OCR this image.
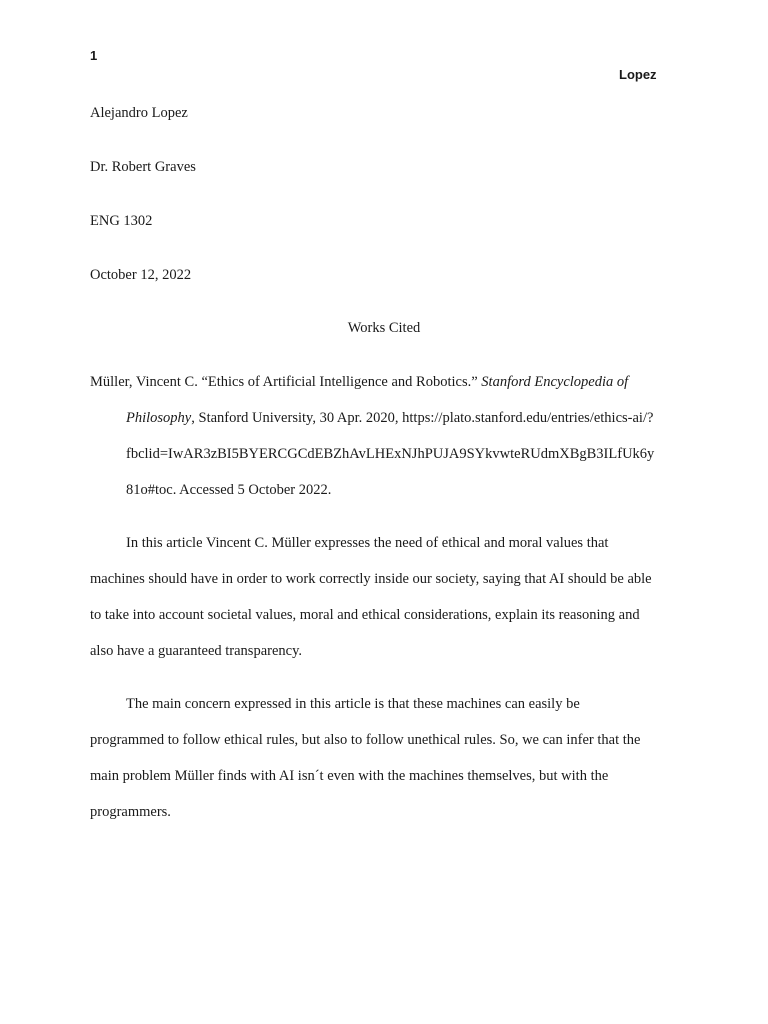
1
Lopez
Alejandro Lopez
Dr. Robert Graves
ENG 1302
October 12, 2022
Works Cited
Müller, Vincent C. “Ethics of Artificial Intelligence and Robotics.” Stanford Encyclopedia of
Philosophy, Stanford University, 30 Apr. 2020, https://plato.stanford.edu/entries/ethics-ai/?
fbclid=IwAR3zBI5BYERCGCdEBZhAvLHExNJhPUJA9SYkvwteRUdmXBgB3ILfUk6y
81o#toc. Accessed 5 October 2022.
In this article Vincent C. Müller expresses the need of ethical and moral values that
machines should have in order to work correctly inside our society, saying that AI should be able
to take into account societal values, moral and ethical considerations, explain its reasoning and
also have a guaranteed transparency.
The main concern expressed in this article is that these machines can easily be
programmed to follow ethical rules, but also to follow unethical rules. So, we can infer that the
main problem Müller finds with AI isn´t even with the machines themselves, but with the
programmers.
